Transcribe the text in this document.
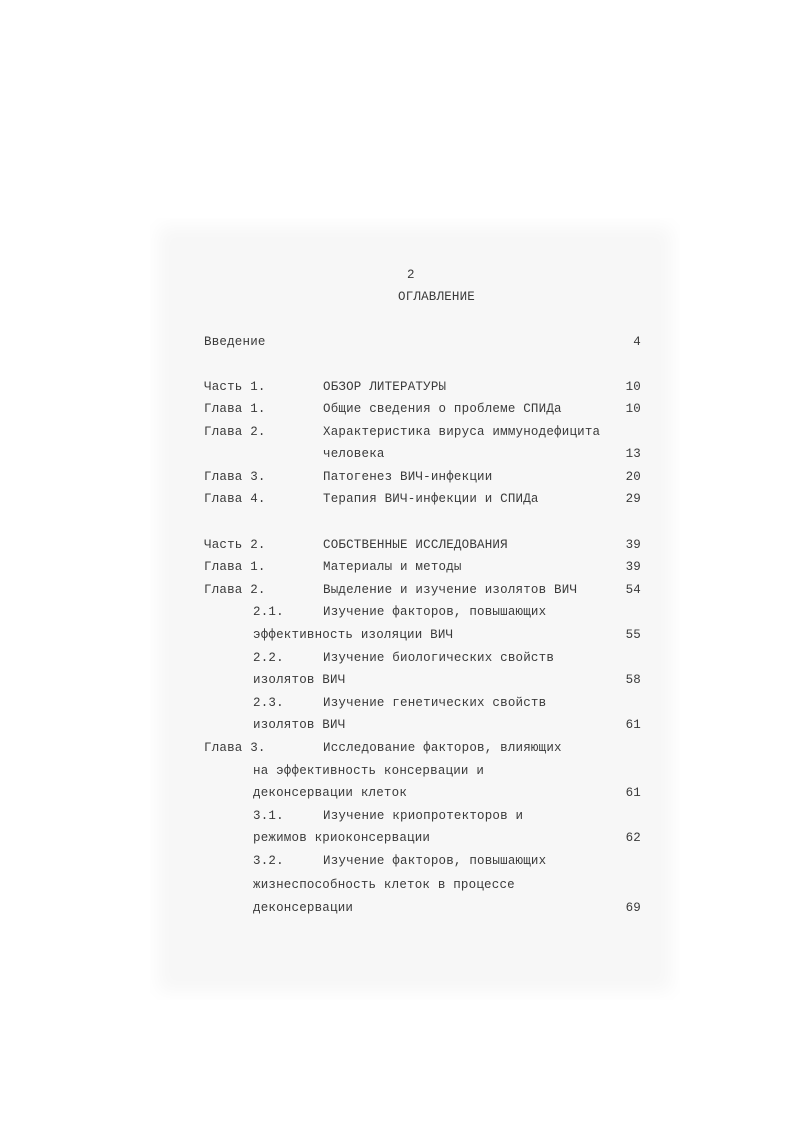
2
ОГЛАВЛЕНИЕ
Введение	4
Часть 1.	ОБЗОР ЛИТЕРАТУРЫ	10
Глава 1.	Общие сведения о проблеме СПИДа	10
Глава 2.	Характеристика вируса иммунодефицита
человека	13
Глава 3.	Патогенез ВИЧ-инфекции	20
Глава 4.	Терапия ВИЧ-инфекции и СПИДа	29
Часть 2.	СОБСТВЕННЫЕ ИССЛЕДОВАНИЯ	39
Глава 1.	Материалы и методы	39
Глава 2.	Выделение и изучение изолятов ВИЧ	54
2.1.	Изучение факторов, повышающих
эффективность изоляции ВИЧ	55
2.2.	Изучение биологических свойств
изолятов ВИЧ	58
2.3.	Изучение генетических свойств
изолятов ВИЧ	61
Глава 3.	Исследование факторов, влияющих
на эффективность консервации и
деконсервации клеток	61
3.1.	Изучение криопротекторов и
режимов криоконсервации	62
3.2.	Изучение факторов, повышающих
жизнеспособность клеток в процессе
деконсервации	69
